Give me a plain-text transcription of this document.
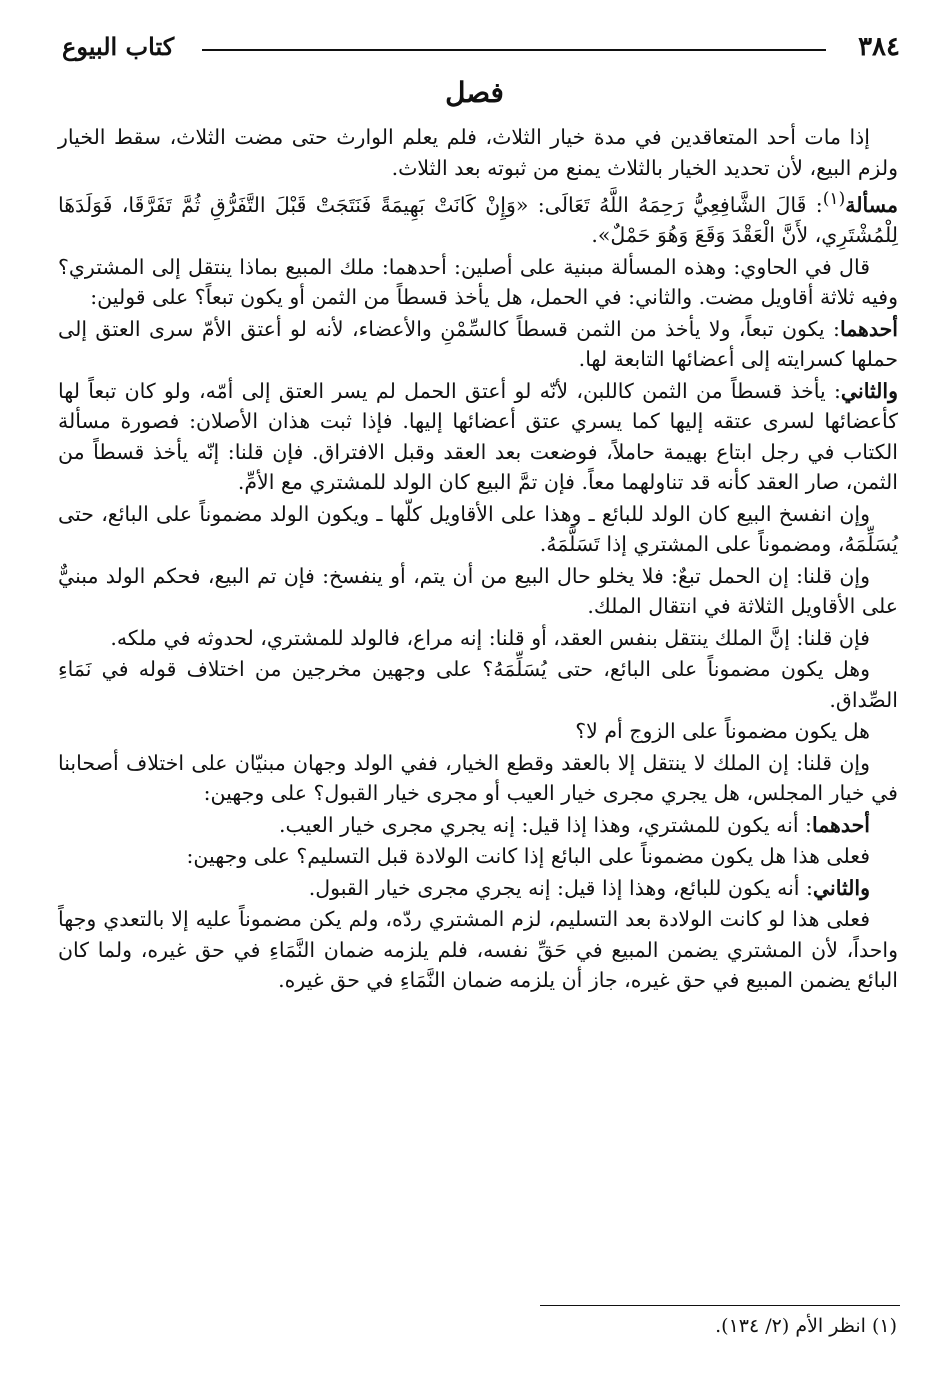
٣٨٤
كتاب البيوع
فصل

إذا مات أحد المتعاقدين في مدة خيار الثلاث، فلم يعلم الوارث حتى مضت الثلاث، سقط الخيار ولزم البيع، لأن تحديد الخيار بالثلاث يمنع من ثبوته بعد الثلاث.

مسألة$^{(١)}$: قَالَ الشَّافِعِيُّ رَحِمَهُ اللَّهُ تَعَالَى: «وَإِنْ كَانَتْ بَهِيمَةً فَنَتَجَتْ قَبْلَ التَّفَرُّقِ ثُمَّ تَفَرَّقَا، فَوَلَدَهَا لِلْمُشْتَرِي، لأَنَّ الْعَقْدَ وَقَعَ وَهُوَ حَمْلٌ».

قال في الحاوي: وهذه المسألة مبنية على أصلين: أحدهما: ملك المبيع بماذا ينتقل إلى المشتري؟ وفيه ثلاثة أقاويل مضت. والثاني: في الحمل، هل يأخذ قسطاً من الثمن أو يكون تبعاً؟ على قولين:

أحدهما: يكون تبعاً، ولا يأخذ من الثمن قسطاً كالسِّمْنِ والأعضاء، لأنه لو أعتق الأمّ سرى العتق إلى حملها كسرايته إلى أعضائها التابعة لها.

والثاني: يأخذ قسطاً من الثمن كاللبن، لأنّه لو أعتق الحمل لم يسر العتق إلى أمّه، ولو كان تبعاً لها كأعضائها لسرى عتقه إليها كما يسري عتق أعضائها إليها. فإذا ثبت هذان الأصلان: فصورة مسألة الكتاب في رجل ابتاع بهيمة حاملاً، فوضعت بعد العقد وقبل الافتراق. فإن قلنا: إنّه يأخذ قسطاً من الثمن، صار العقد كأنه قد تناولهما معاً. فإن تمَّ البيع كان الولد للمشتري مع الأمِّ.

وإن انفسخ البيع كان الولد للبائع ـ وهذا على الأقاويل كلّها ـ ويكون الولد مضموناً على البائع، حتى يُسَلِّمَهُ، ومضموناً على المشتري إذا تَسَلَّمَهُ.

وإن قلنا: إن الحمل تبعٌ: فلا يخلو حال البيع من أن يتم، أو ينفسخ: فإن تم البيع، فحكم الولد مبنيٌّ على الأقاويل الثلاثة في انتقال الملك.

فإن قلنا: إنَّ الملك ينتقل بنفس العقد، أو قلنا: إنه مراع، فالولد للمشتري، لحدوثه في ملكه.

وهل يكون مضموناً على البائع، حتى يُسَلِّمَهُ؟ على وجهين مخرجين من اختلاف قوله في نَمَاءِ الصِّداق.

هل يكون مضموناً على الزوج أم لا؟

وإن قلنا: إن الملك لا ينتقل إلا بالعقد وقطع الخيار، ففي الولد وجهان مبنيّان على اختلاف أصحابنا في خيار المجلس، هل يجري مجرى خيار العيب أو مجرى خيار القبول؟ على وجهين:

أحدهما: أنه يكون للمشتري، وهذا إذا قيل: إنه يجري مجرى خيار العيب.

فعلى هذا هل يكون مضموناً على البائع إذا كانت الولادة قبل التسليم؟ على وجهين:

والثاني: أنه يكون للبائع، وهذا إذا قيل: إنه يجري مجرى خيار القبول.

فعلى هذا لو كانت الولادة بعد التسليم، لزم المشتري ردّه، ولم يكن مضموناً عليه إلا بالتعدي وجهاً واحداً، لأن المشتري يضمن المبيع في حَقِّ نفسه، فلم يلزمه ضمان النَّمَاءِ في حق غيره، ولما كان البائع يضمن المبيع في حق غيره، جاز أن يلزمه ضمان النَّمَاءِ في حق غيره.

(١) انظر الأم (٢/ ١٣٤).
